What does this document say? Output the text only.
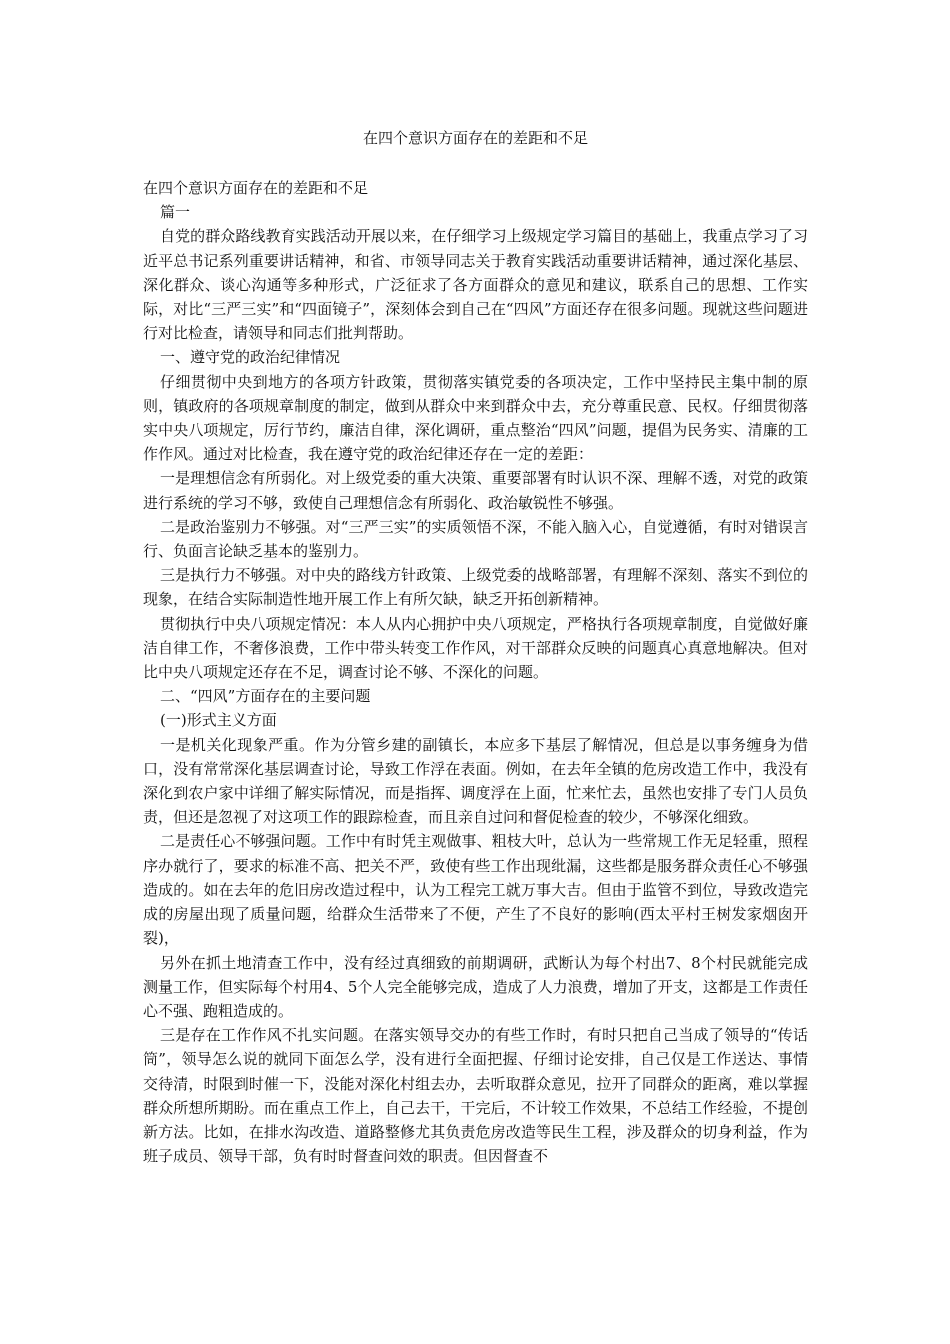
在四个意识方面存在的差距和不足

在四个意识方面存在的差距和不足

篇一

自党的群众路线教育实践活动开展以来，在仔细学习上级规定学习篇目的基础上，我重点学习了习近平总书记系列重要讲话精神，和省、市领导同志关于教育实践活动重要讲话精神，通过深化基层、深化群众、谈心沟通等多种形式，广泛征求了各方面群众的意见和建议，联系自己的思想、工作实际，对比“三严三实”和“四面镜子”，深刻体会到自己在“四风”方面还存在很多问题。现就这些问题进行对比检查，请领导和同志们批判帮助。

一、遵守党的政治纪律情况

仔细贯彻中央到地方的各项方针政策，贯彻落实镇党委的各项决定，工作中坚持民主集中制的原则，镇政府的各项规章制度的制定，做到从群众中来到群众中去，充分尊重民意、民权。仔细贯彻落实中央八项规定，厉行节约，廉洁自律，深化调研，重点整治“四风”问题，提倡为民务实、清廉的工作作风。通过对比检查，我在遵守党的政治纪律还存在一定的差距：

一是理想信念有所弱化。对上级党委的重大决策、重要部署有时认识不深、理解不透，对党的政策进行系统的学习不够，致使自己理想信念有所弱化、政治敏锐性不够强。

二是政治鉴别力不够强。对“三严三实”的实质领悟不深，不能入脑入心，自觉遵循，有时对错误言行、负面言论缺乏基本的鉴别力。

三是执行力不够强。对中央的路线方针政策、上级党委的战略部署，有理解不深刻、落实不到位的现象，在结合实际制造性地开展工作上有所欠缺，缺乏开拓创新精神。

贯彻执行中央八项规定情况：本人从内心拥护中央八项规定，严格执行各项规章制度，自觉做好廉洁自律工作，不奢侈浪费，工作中带头转变工作作风，对干部群众反映的问题真心真意地解决。但对比中央八项规定还存在不足，调查讨论不够、不深化的问题。

二、“四风”方面存在的主要问题

(一)形式主义方面

一是机关化现象严重。作为分管乡建的副镇长，本应多下基层了解情况，但总是以事务缠身为借口，没有常常深化基层调查讨论，导致工作浮在表面。例如，在去年全镇的危房改造工作中，我没有深化到农户家中详细了解实际情况，而是指挥、调度浮在上面，忙来忙去，虽然也安排了专门人员负责，但还是忽视了对这项工作的跟踪检查，而且亲自过问和督促检查的较少，不够深化细致。

二是责任心不够强问题。工作中有时凭主观做事、粗枝大叶，总认为一些常规工作无足轻重，照程序办就行了，要求的标准不高、把关不严，致使有些工作出现纰漏，这些都是服务群众责任心不够强造成的。如在去年的危旧房改造过程中，认为工程完工就万事大吉。但由于监管不到位，导致改造完成的房屋出现了质量问题，给群众生活带来了不便，产生了不良好的影响(西太平村王树发家烟囱开裂)，

另外在抓土地清查工作中，没有经过真细致的前期调研，武断认为每个村出7、8个村民就能完成测量工作，但实际每个村用4、5个人完全能够完成，造成了人力浪费，增加了开支，这都是工作责任心不强、跑粗造成的。

三是存在工作作风不扎实问题。在落实领导交办的有些工作时，有时只把自己当成了领导的“传话筒”，领导怎么说的就同下面怎么学，没有进行全面把握、仔细讨论安排，自己仅是工作送达、事情交待清，时限到时催一下，没能对深化村组去办，去听取群众意见，拉开了同群众的距离，难以掌握群众所想所期盼。而在重点工作上，自己去干，干完后，不计较工作效果，不总结工作经验，不提创新方法。比如，在排水沟改造、道路整修尤其负责危房改造等民生工程，涉及群众的切身利益，作为班子成员、领导干部，负有时时督查问效的职责。但因督查不
